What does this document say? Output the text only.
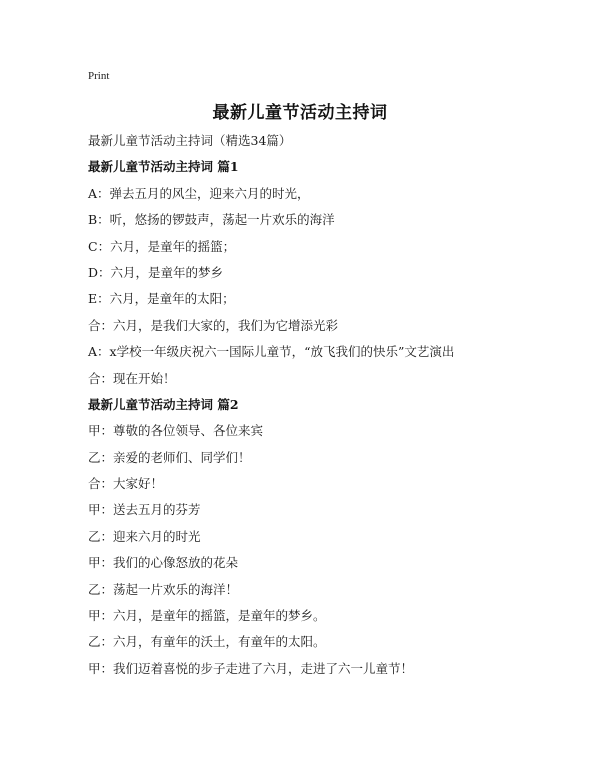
Print
最新儿童节活动主持词
最新儿童节活动主持词（精选34篇）
最新儿童节活动主持词 篇1
A：弹去五月的风尘，迎来六月的时光，
B：听，悠扬的锣鼓声，荡起一片欢乐的海洋
C：六月，是童年的摇篮；
D：六月，是童年的梦乡
E：六月，是童年的太阳；
合：六月，是我们大家的，我们为它增添光彩
A：x学校一年级庆祝六一国际儿童节，“放飞我们的快乐”文艺演出
合：现在开始！
最新儿童节活动主持词 篇2
甲：尊敬的各位领导、各位来宾
乙：亲爱的老师们、同学们！
合：大家好！
甲：送去五月的芬芳
乙：迎来六月的时光
甲：我们的心像怒放的花朵
乙：荡起一片欢乐的海洋！
甲：六月，是童年的摇篮，是童年的梦乡。
乙：六月，有童年的沃土，有童年的太阳。
甲：我们迈着喜悦的步子走进了六月，走进了六一儿童节！
